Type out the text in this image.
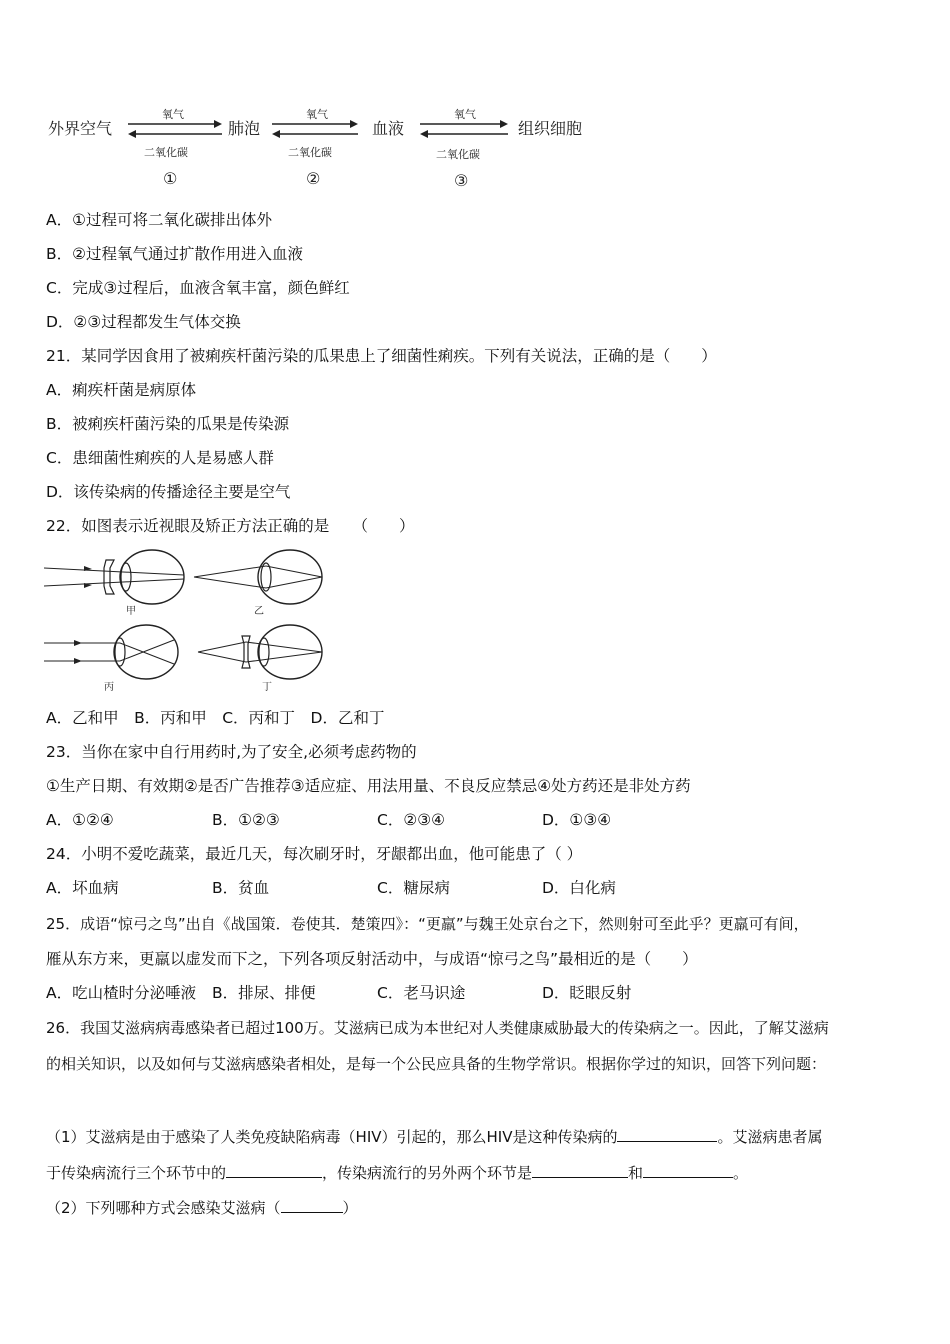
外界空气	肺泡	血液	组织细胞
氧气
二氧化碳
①
氧气
二氧化碳
②
氧气
二氧化碳
③
A．①过程可将二氧化碳排出体外
B．②过程氧气通过扩散作用进入血液
C．完成③过程后，血液含氧丰富，颜色鲜红
D．②③过程都发生气体交换
21．某同学因食用了被痢疾杆菌污染的瓜果患上了细菌性痢疾。下列有关说法，正确的是（　　）
A．痢疾杆菌是病原体
B．被痢疾杆菌污染的瓜果是传染源
C．患细菌性痢疾的人是易感人群
D．该传染病的传播途径主要是空气
22．如图表示近视眼及矫正方法正确的是　　（　　）
甲	乙
丙	丁
A．乙和甲　B．丙和甲　C．丙和丁　D．乙和丁
23．当你在家中自行用药时,为了安全,必须考虑药物的
①生产日期、有效期②是否广告推荐③适应症、用法用量、不良反应禁忌④处方药还是非处方药
A．①②④	B．①②③	C．②③④	D．①③④
24．小明不爱吃蔬菜，最近几天，每次刷牙时，牙龈都出血，他可能患了（ ）
A．坏血病	B．贫血	C．糖尿病	D．白化病
25．成语“惊弓之鸟”出自《战国策．卷使其．楚策四》：“更羸”与魏王处京台之下，然则射可至此乎？更羸可有间，
雁从东方来，更羸以虚发而下之，下列各项反射活动中，与成语“惊弓之鸟”最相近的是（　　）
A．吃山楂时分泌唾液 B．排尿、排便	C．老马识途	D．眨眼反射
26．我国艾滋病病毒感染者已超过100万。艾滋病已成为本世纪对人类健康威胁最大的传染病之一。因此，了解艾滋病
的相关知识，以及如何与艾滋病感染者相处，是每一个公民应具备的生物学常识。根据你学过的知识，回答下列问题：
（1）艾滋病是由于感染了人类免疫缺陷病毒（HIV）引起的，那么HIV是这种传染病的	。艾滋病患者属
于传染病流行三个环节中的	，传染病流行的另外两个环节是	和	。
（2）下列哪种方式会感染艾滋病（	）
